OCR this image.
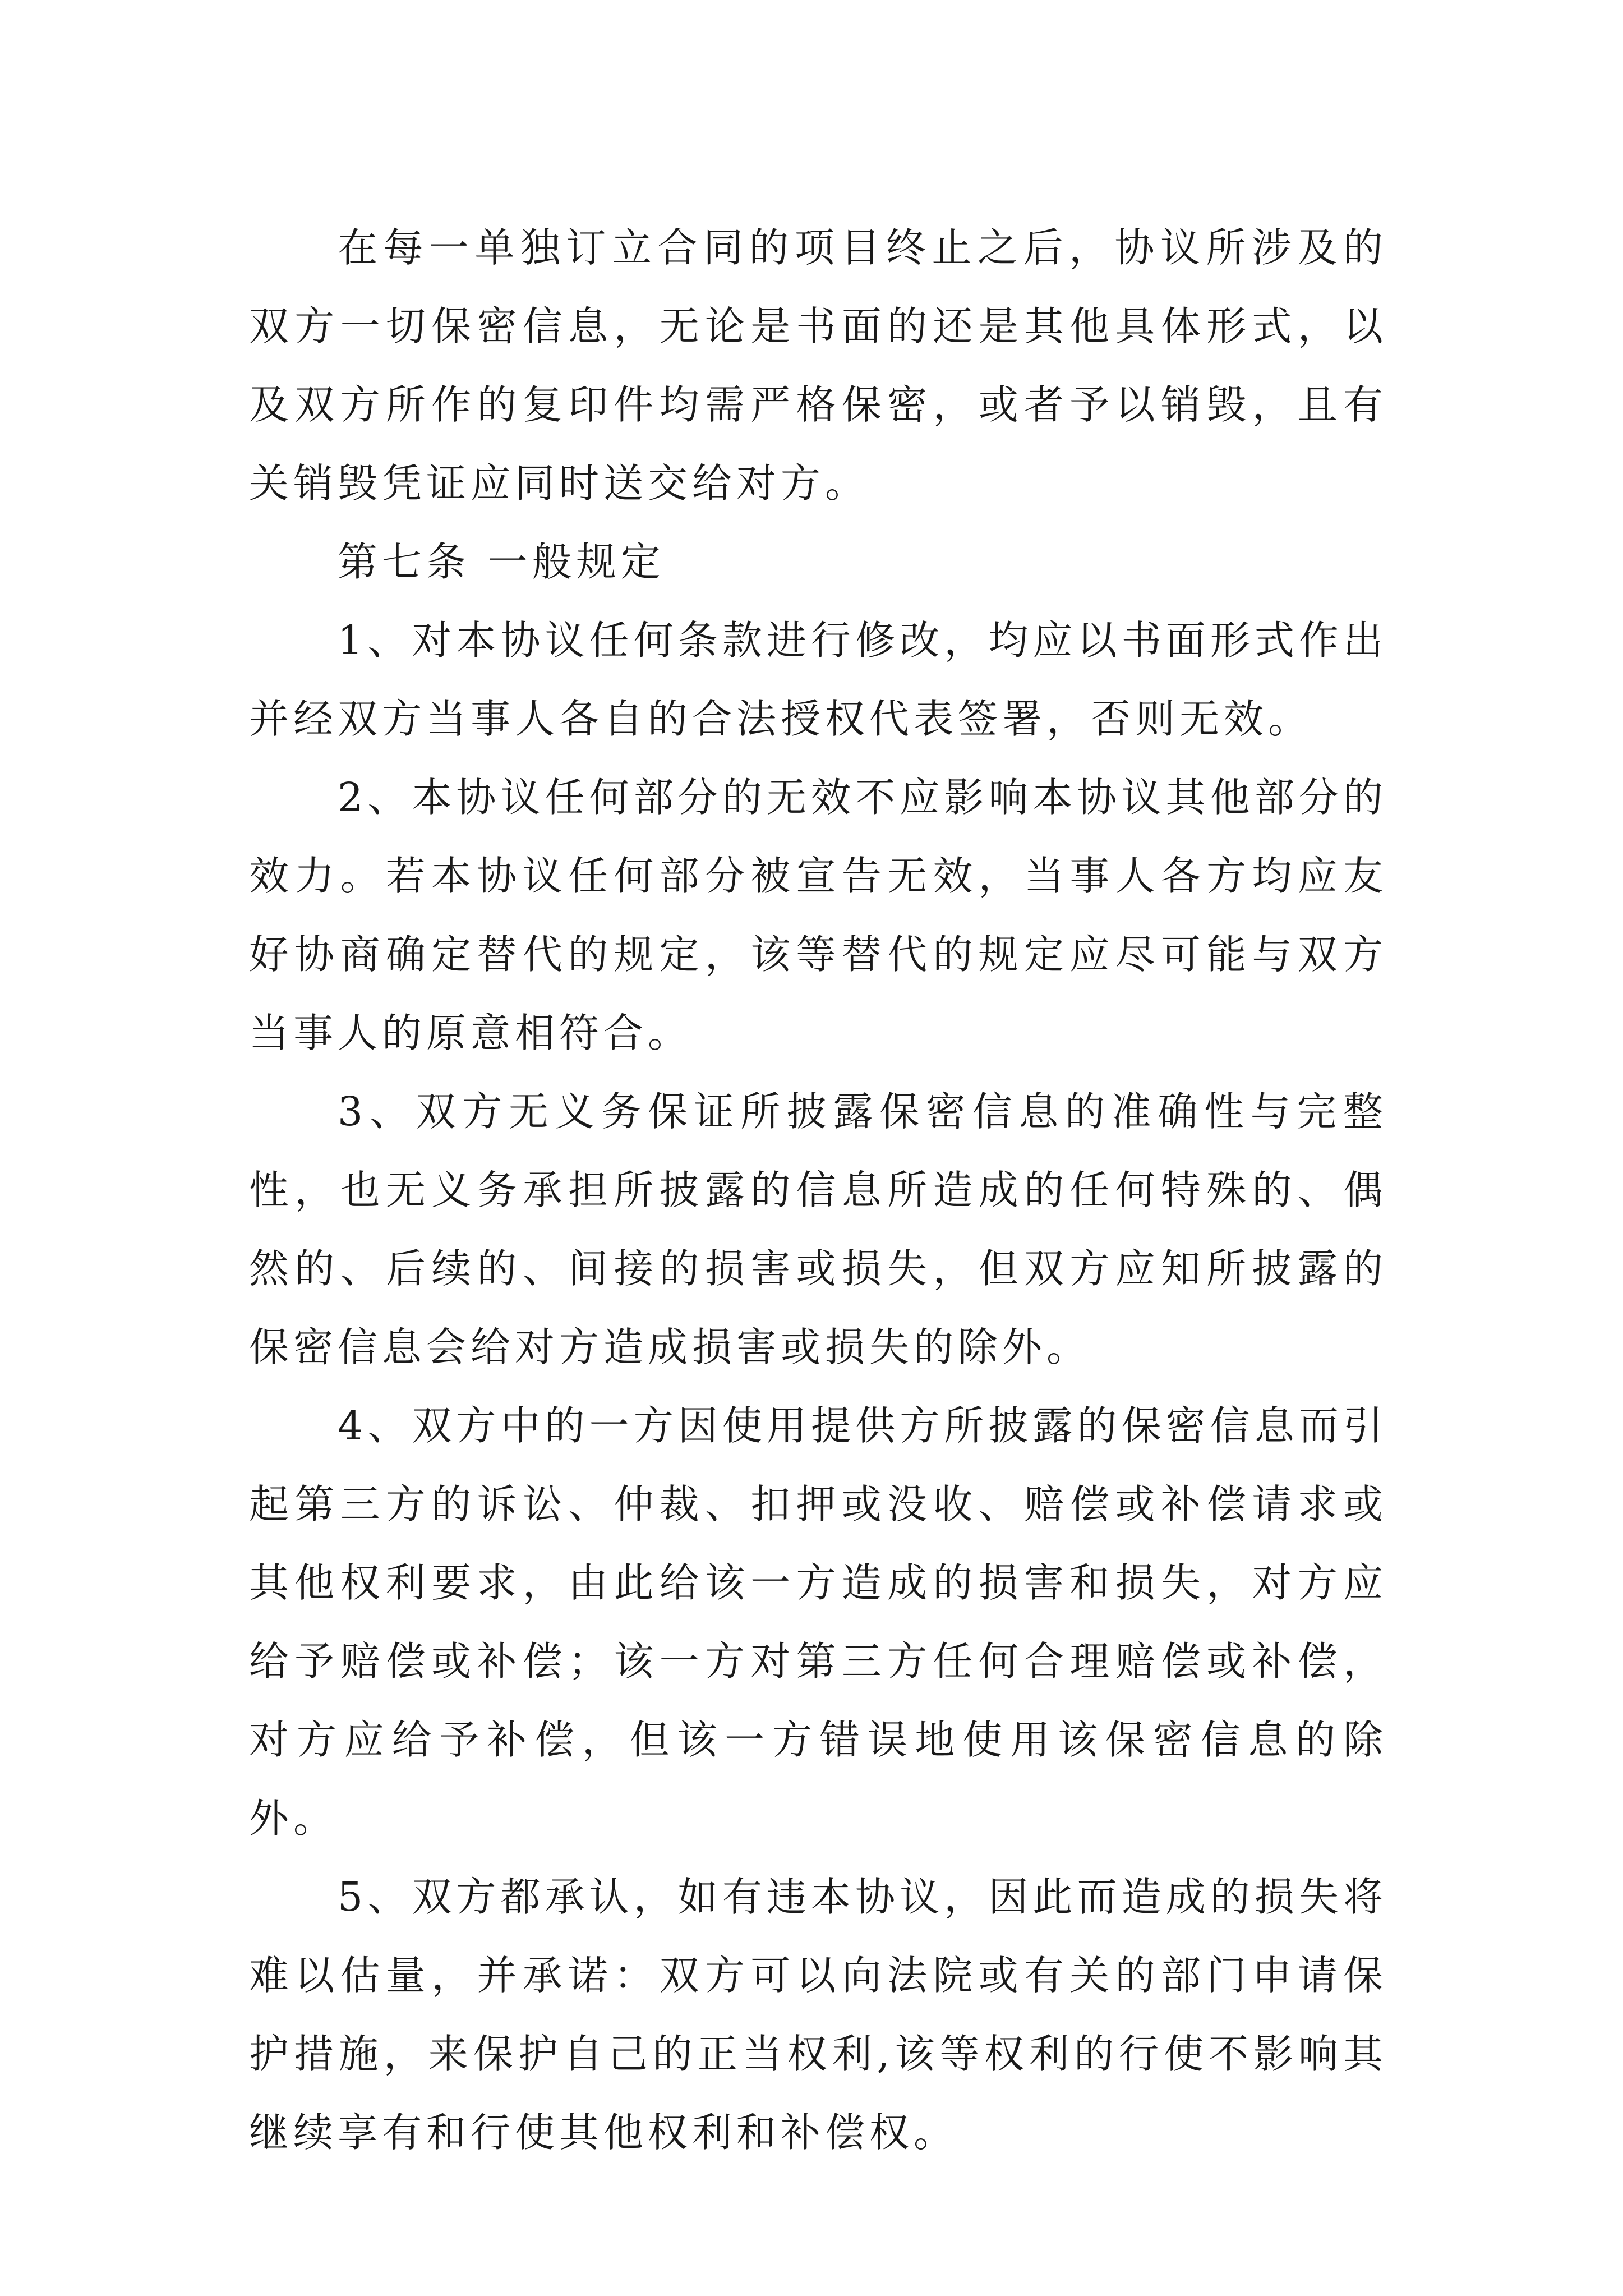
在每一单独订立合同的项目终止之后，协议所涉及的双方一切保密信息，无论是书面的还是其他具体形式，以及双方所作的复印件均需严格保密，或者予以销毁，且有关销毁凭证应同时送交给对方。

第七条 一般规定

1、对本协议任何条款进行修改，均应以书面形式作出并经双方当事人各自的合法授权代表签署，否则无效。

2、本协议任何部分的无效不应影响本协议其他部分的效力。若本协议任何部分被宣告无效，当事人各方均应友好协商确定替代的规定，该等替代的规定应尽可能与双方当事人的原意相符合。

3、双方无义务保证所披露保密信息的准确性与完整性，也无义务承担所披露的信息所造成的任何特殊的、偶然的、后续的、间接的损害或损失，但双方应知所披露的保密信息会给对方造成损害或损失的除外。

4、双方中的一方因使用提供方所披露的保密信息而引起第三方的诉讼、仲裁、扣押或没收、赔偿或补偿请求或其他权利要求，由此给该一方造成的损害和损失，对方应给予赔偿或补偿；该一方对第三方任何合理赔偿或补偿，对方应给予补偿，但该一方错误地使用该保密信息的除外。

5、双方都承认，如有违本协议，因此而造成的损失将难以估量，并承诺：双方可以向法院或有关的部门申请保护措施，来保护自己的正当权利,该等权利的行使不影响其继续享有和行使其他权利和补偿权。
